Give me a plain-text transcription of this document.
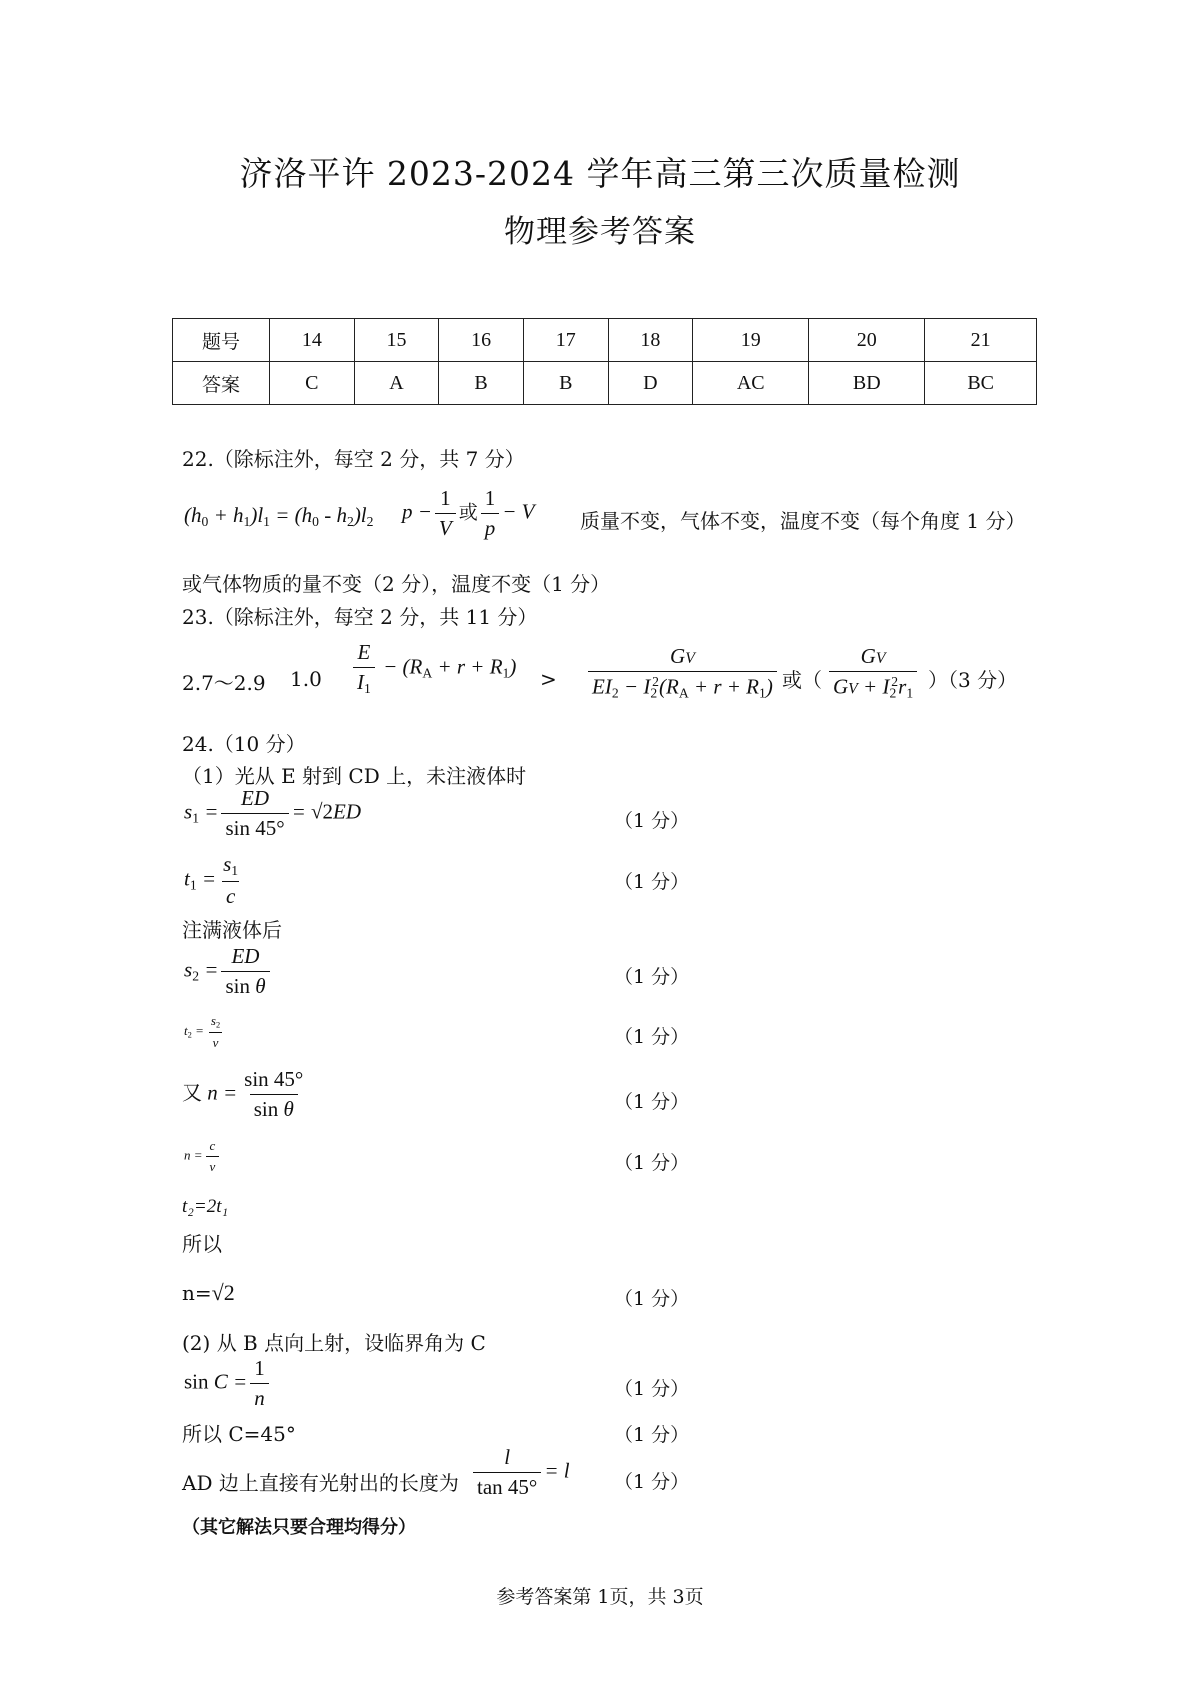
济洛平许 2023-2024 学年高三第三次质量检测
物理参考答案
题号	14	15	16	17	18	19	20	21
答案	C	A	B	B	D	AC	BD	BC
22.（除标注外，每空 2 分，共 7 分）
$(h_0 + h_1)l_1 = (h_0 - h_2)l_2$ $p - \frac{1}{V}$ 或 $\frac{1}{p} - V$ 质量不变，气体不变，温度不变（每个角度 1 分）
或气体物质的量不变（2 分），温度不变（1 分）
23.（除标注外，每空 2 分，共 11 分）
2.7～2.9 $1.0 \frac{E}{I_1} - (R_A + r + R_1)$
> $\frac{GV}{EI_2 - I_2^2(R_A + r + R_1)}$ 或（ $\frac{GV}{GV + I_2^2r_1} )(3$ 分）
24.（10 分）
（1）光从 E 射到 CD 上，未注液体时
$s_1 = \frac{ED}{\sin 45^\circ} = √2ED$	（1 分）
$t_1 = \frac{s_1}{c}$	（1 分）
注满液体后
$s_2 = \frac{ED}{\text{sin θ}}$	（1 分）
$t_2 = \frac{s_2}{v}$	（1 分）
又 $n = \frac{\sin 45^\circ}{\text{sin θ}}$	（1 分）
$n = \frac{c}{v}$	（1 分）
t₂=2t₁
所以
n=√2	（1 分）
(2) 从 B 点向上射，设临界角为 C
$\sin C = \frac{1}{n}$	（1 分）
所以 C=45°	（1 分）
AD 边上直接有光射出的长度为 $\frac{l}{\tan 45^\circ} = l$ （1 分）
（其它解法只要合理均得分）
参考答案第 1页，共 3页
